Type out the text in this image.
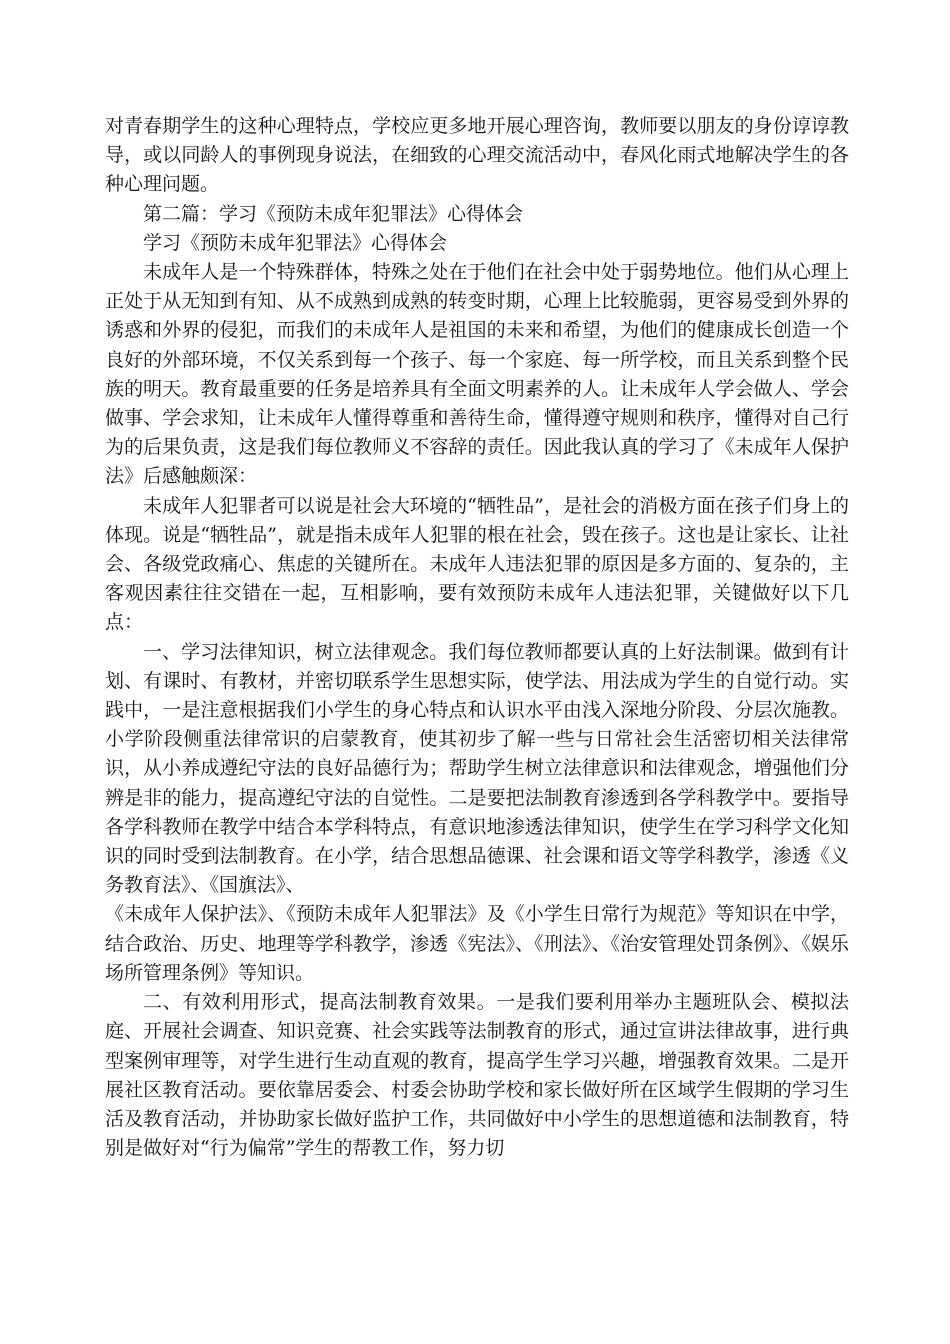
对青春期学生的这种心理特点，学校应更多地开展心理咨询，教师要以朋友的身份谆谆教导，或以同龄人的事例现身说法，在细致的心理交流活动中，春风化雨式地解决学生的各种心理问题。

第二篇：学习《预防未成年犯罪法》心得体会

学习《预防未成年犯罪法》心得体会

未成年人是一个特殊群体，特殊之处在于他们在社会中处于弱势地位。他们从心理上正处于从无知到有知、从不成熟到成熟的转变时期，心理上比较脆弱，更容易受到外界的诱惑和外界的侵犯，而我们的未成年人是祖国的未来和希望，为他们的健康成长创造一个良好的外部环境，不仅关系到每一个孩子、每一个家庭、每一所学校，而且关系到整个民族的明天。教育最重要的任务是培养具有全面文明素养的人。让未成年人学会做人、学会做事、学会求知，让未成年人懂得尊重和善待生命，懂得遵守规则和秩序，懂得对自己行为的后果负责，这是我们每位教师义不容辞的责任。因此我认真的学习了《未成年人保护法》后感触颇深：

未成年人犯罪者可以说是社会大环境的“牺牲品”，是社会的消极方面在孩子们身上的体现。说是“牺牲品”，就是指未成年人犯罪的根在社会，毁在孩子。这也是让家长、让社会、各级党政痛心、焦虑的关键所在。未成年人违法犯罪的原因是多方面的、复杂的，主客观因素往往交错在一起，互相影响，要有效预防未成年人违法犯罪，关键做好以下几点：

一、学习法律知识，树立法律观念。我们每位教师都要认真的上好法制课。做到有计划、有课时、有教材，并密切联系学生思想实际，使学法、用法成为学生的自觉行动。实践中，一是注意根据我们小学生的身心特点和认识水平由浅入深地分阶段、分层次施教。小学阶段侧重法律常识的启蒙教育，使其初步了解一些与日常社会生活密切相关法律常识，从小养成遵纪守法的良好品德行为；帮助学生树立法律意识和法律观念，增强他们分辨是非的能力，提高遵纪守法的自觉性。二是要把法制教育渗透到各学科教学中。要指导各学科教师在教学中结合本学科特点，有意识地渗透法律知识，使学生在学习科学文化知识的同时受到法制教育。在小学，结合思想品德课、社会课和语文等学科教学，渗透《义务教育法》、《国旗法》、

《未成年人保护法》、《预防未成年人犯罪法》及《小学生日常行为规范》等知识在中学，结合政治、历史、地理等学科教学，渗透《宪法》、《刑法》、《治安管理处罚条例》、《娱乐场所管理条例》等知识。

二、有效利用形式，提高法制教育效果。一是我们要利用举办主题班队会、模拟法庭、开展社会调查、知识竞赛、社会实践等法制教育的形式，通过宣讲法律故事，进行典型案例审理等，对学生进行生动直观的教育，提高学生学习兴趣，增强教育效果。二是开展社区教育活动。要依靠居委会、村委会协助学校和家长做好所在区域学生假期的学习生活及教育活动，并协助家长做好监护工作，共同做好中小学生的思想道德和法制教育，特别是做好对“行为偏常”学生的帮教工作，努力切
